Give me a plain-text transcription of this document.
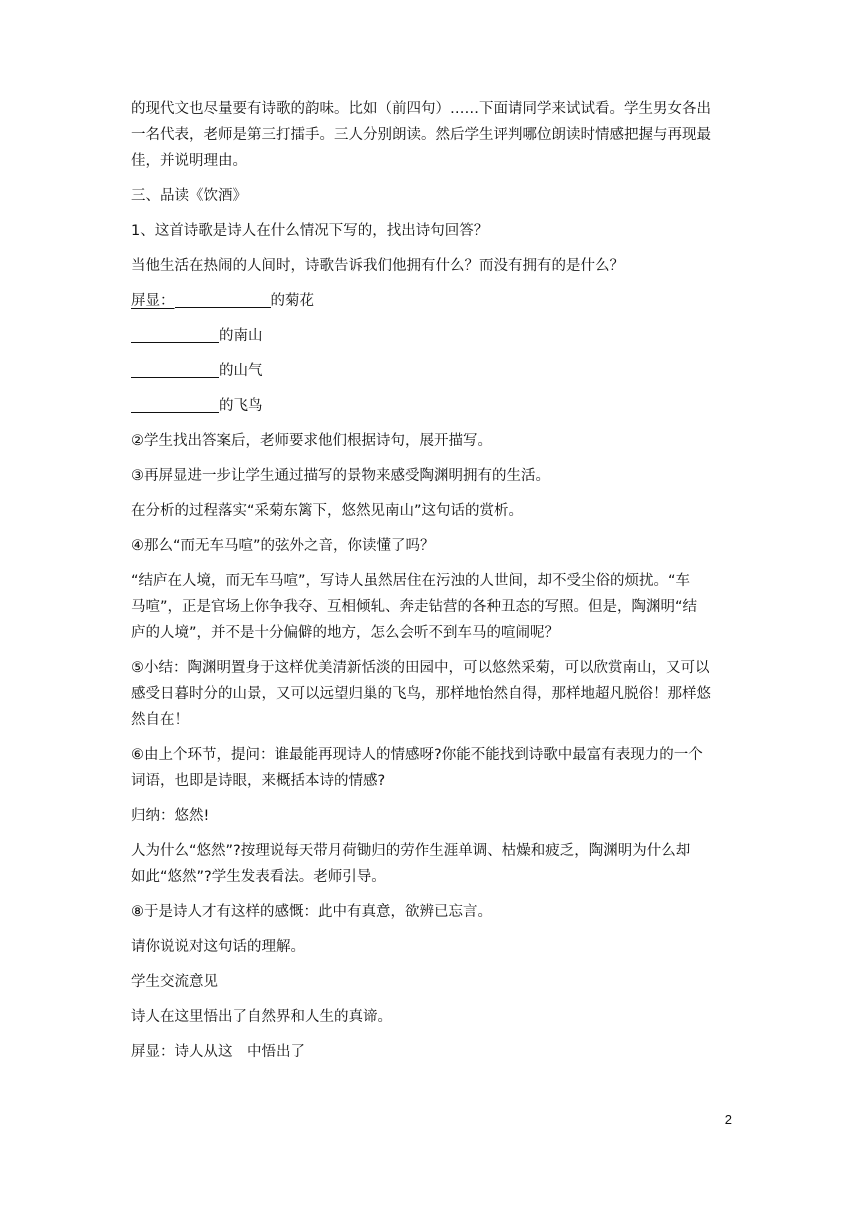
的现代文也尽量要有诗歌的韵味。比如（前四句）……下面请同学来试试看。学生男女各出

一名代表，老师是第三打擂手。三人分别朗读。然后学生评判哪位朗读时情感把握与再现最

佳，并说明理由。

三、品读《饮酒》

1、这首诗歌是诗人在什么情况下写的，找出诗句回答？

当他生活在热闹的人间时，诗歌告诉我们他拥有什么？而没有拥有的是什么？

屏显：	的菊花

的南山

的山气

的飞鸟

②学生找出答案后，老师要求他们根据诗句，展开描写。

③再屏显进一步让学生通过描写的景物来感受陶渊明拥有的生活。

在分析的过程落实“采菊东篱下，悠然见南山”这句话的赏析。

④那么“而无车马喧”的弦外之音，你读懂了吗？

“结庐在人境，而无车马喧”，写诗人虽然居住在污浊的人世间，却不受尘俗的烦扰。“车

马喧”，正是官场上你争我夺、互相倾轧、奔走钻营的各种丑态的写照。但是，陶渊明“结

庐的人境”，并不是十分偏僻的地方，怎么会听不到车马的喧闹呢？

⑤小结：陶渊明置身于这样优美清新恬淡的田园中，可以悠然采菊，可以欣赏南山，又可以

感受日暮时分的山景，又可以远望归巢的飞鸟，那样地怡然自得，那样地超凡脱俗！那样悠

然自在！

⑥由上个环节，提问：谁最能再现诗人的情感呀?你能不能找到诗歌中最富有表现力的一个

词语，也即是诗眼，来概括本诗的情感?

归纳：悠然!

人为什么“悠然”?按理说每天带月荷锄归的劳作生涯单调、枯燥和疲乏，陶渊明为什么却

如此“悠然”?学生发表看法。老师引导。

⑧于是诗人才有这样的感慨：此中有真意，欲辨已忘言。

请你说说对这句话的理解。

学生交流意见

诗人在这里悟出了自然界和人生的真谛。

屏显：诗人从这　中悟出了

2
